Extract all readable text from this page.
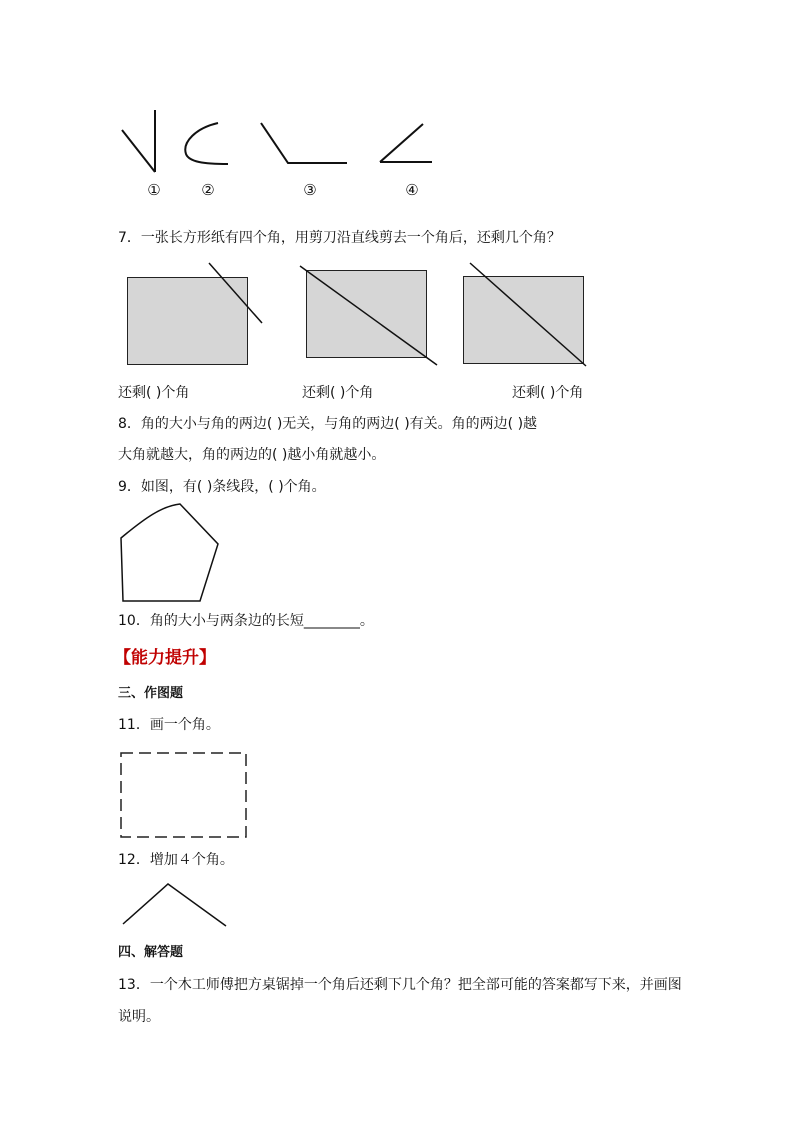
①	②	③	④
7．一张长方形纸有四个角，用剪刀沿直线剪去一个角后，还剩几个角？
还剩( )个角	还剩( )个角	还剩( )个角
8．角的大小与角的两边( )无关，与角的两边( )有关。角的两边( )越
大角就越大，角的两边的( )越小角就越小。
9．如图，有( )条线段，( )个角。
10．角的大小与两条边的长短________。
【能力提升】
三、作图题
11．画一个角。
12．增加４个角。
四、解答题
13．一个木工师傅把方桌锯掉一个角后还剩下几个角？把全部可能的答案都写下来，并画图
说明。
